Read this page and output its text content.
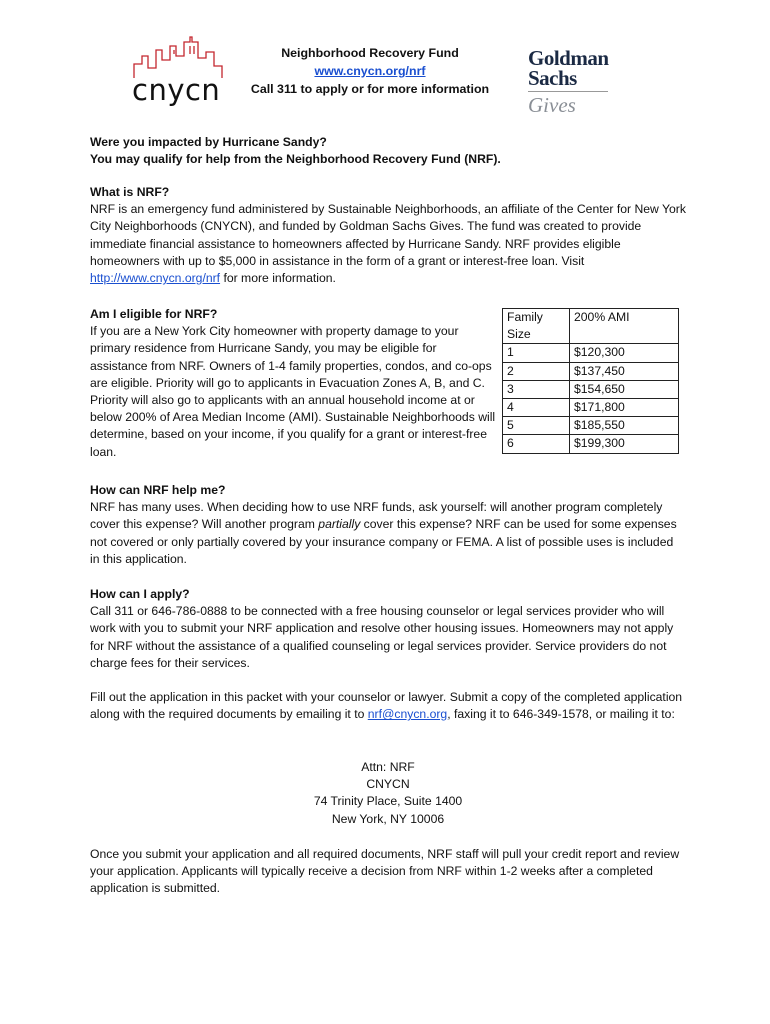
cnycn
Neighborhood Recovery Fund
www.cnycn.org/nrf
Call 311 to apply or for more information
Goldman
Sachs
Gives

Were you impacted by Hurricane Sandy?

You may qualify for help from the Neighborhood Recovery Fund (NRF).

What is NRF?

NRF is an emergency fund administered by Sustainable Neighborhoods, an affiliate of the Center for New York City Neighborhoods (CNYCN), and funded by Goldman Sachs Gives. The fund was created to provide immediate financial assistance to homeowners affected by Hurricane Sandy. NRF provides eligible homeowners with up to $5,000 in assistance in the form of a grant or interest-free loan. Visit http://www.cnycn.org/nrf for more information.

Am I eligible for NRF?

If you are a New York City homeowner with property damage to your primary residence from Hurricane Sandy, you may be eligible for assistance from NRF. Owners of 1-4 family properties, condos, and co-ops are eligible. Priority will go to applicants in Evacuation Zones A, B, and C. Priority will also go to applicants with an annual household income at or below 200% of Area Median Income (AMI). Sustainable Neighborhoods will determine, based on your income, if you qualify for a grant or interest-free loan.

Family Size	200% AMI
1	$120,300
2	$137,450
3	$154,650
4	$171,800
5	$185,550
6	$199,300

How can NRF help me?

NRF has many uses. When deciding how to use NRF funds, ask yourself: will another program completely cover this expense? Will another program partially cover this expense? NRF can be used for some expenses not covered or only partially covered by your insurance company or FEMA. A list of possible uses is included in this application.

How can I apply?

Call 311 or 646-786-0888 to be connected with a free housing counselor or legal services provider who will work with you to submit your NRF application and resolve other housing issues. Homeowners may not apply for NRF without the assistance of a qualified counseling or legal services provider. Service providers do not charge fees for their services.

Fill out the application in this packet with your counselor or lawyer. Submit a copy of the completed application along with the required documents by emailing it to nrf@cnycn.org, faxing it to 646-349-1578, or mailing it to:

Attn: NRF

CNYCN

74 Trinity Place, Suite 1400

New York, NY 10006

Once you submit your application and all required documents, NRF staff will pull your credit report and review your application. Applicants will typically receive a decision from NRF within 1-2 weeks after a completed application is submitted.
